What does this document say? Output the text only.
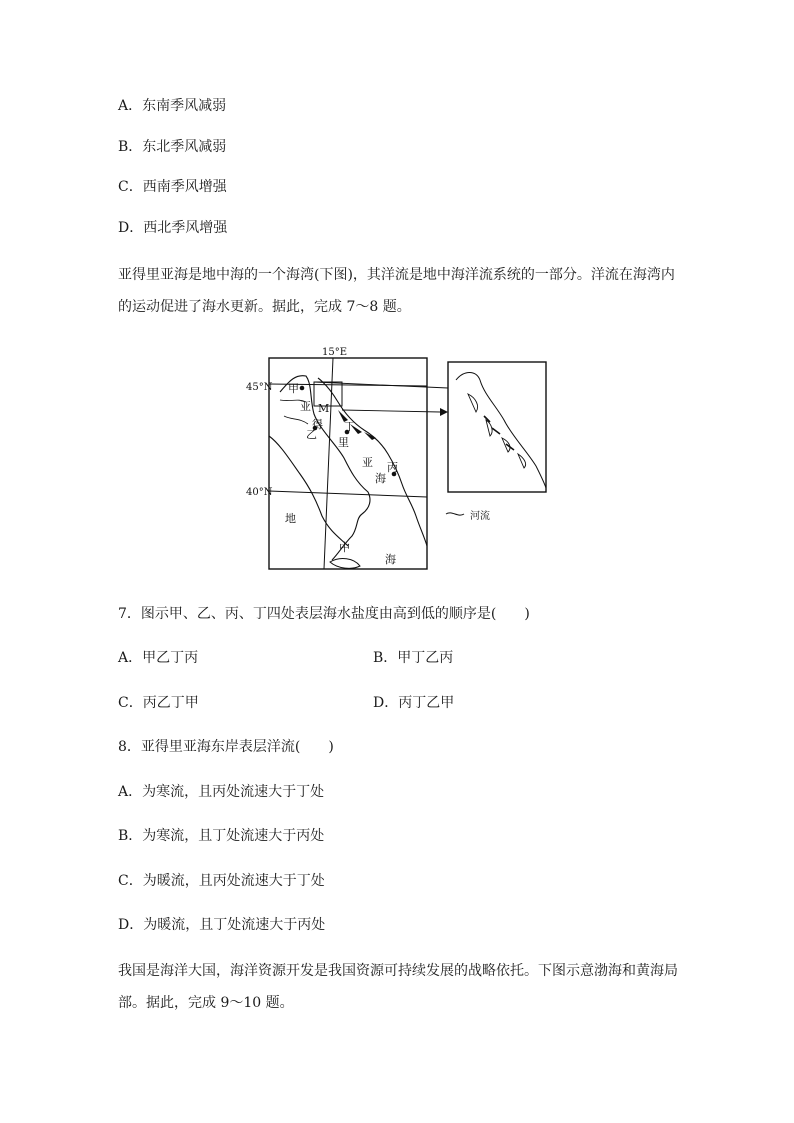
A．东南季风减弱
B．东北季风减弱
C．西南季风增强
D．西北季风增强
亚得里亚海是地中海的一个海湾(下图)，其洋流是地中海洋流系统的一部分。洋流在海湾内
的运动促进了海水更新。据此，完成 7～8 题。
15°E
45°N
40°N
甲
乙
丙
丁
M
亚
得
里
亚
海
地
中
海
河流
7．图示甲、乙、丙、丁四处表层海水盐度由高到低的顺序是(　　)
A．甲乙丁丙	B．甲丁乙丙
C．丙乙丁甲	D．丙丁乙甲
8．亚得里亚海东岸表层洋流(　　)
A．为寒流，且丙处流速大于丁处
B．为寒流，且丁处流速大于丙处
C．为暖流，且丙处流速大于丁处
D．为暖流，且丁处流速大于丙处
我国是海洋大国，海洋资源开发是我国资源可持续发展的战略依托。下图示意渤海和黄海局
部。据此，完成 9～10 题。
